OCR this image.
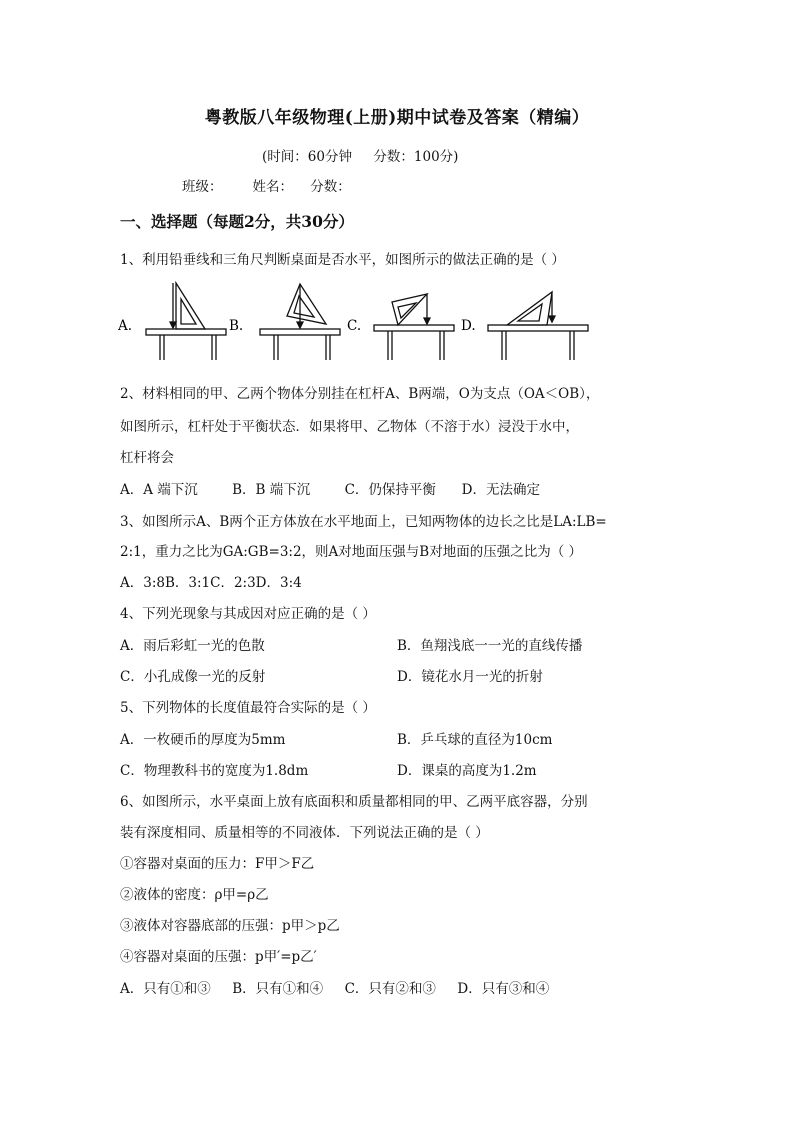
粤教版八年级物理(上册)期中试卷及答案（精编）
(时间：60分钟     分数：100分)
班级：       姓名：    分数：
一、选择题（每题2分，共30分）
1、利用铅垂线和三角尺判断桌面是否水平，如图所示的做法正确的是（ ）
A.	B.	C.	D.
2、材料相同的甲、乙两个物体分别挂在杠杆A、B两端，O为支点（OA＜OB），
如图所示，杠杆处于平衡状态．如果将甲、乙物体（不溶于水）浸没于水中，
杠杆将会
A．A 端下沉        B．B 端下沉        C．仍保持平衡      D．无法确定
3、如图所示A、B两个正方体放在水平地面上，已知两物体的边长之比是LA:LB=
2:1，重力之比为GA:GB=3:2，则A对地面压强与B对地面的压强之比为（ ）
A．3:8B．3:1C．2:3D．3:4
4、下列光现象与其成因对应正确的是（ ）
A．雨后彩虹一光的色散	B．鱼翔浅底一一光的直线传播
C．小孔成像一光的反射	D．镜花水月一光的折射
5、下列物体的长度值最符合实际的是（ ）
A．一枚硬币的厚度为5mm	B．乒乓球的直径为10cm
C．物理教科书的宽度为1.8dm	D．课桌的高度为1.2m
6、如图所示，水平桌面上放有底面积和质量都相同的甲、乙两平底容器，分别
装有深度相同、质量相等的不同液体．下列说法正确的是（ ）
①容器对桌面的压力：F甲＞F乙
②液体的密度：ρ甲=ρ乙
③液体对容器底部的压强：p甲＞p乙
④容器对桌面的压强：p甲′=p乙′
A．只有①和③     B．只有①和④     C．只有②和③     D．只有③和④
